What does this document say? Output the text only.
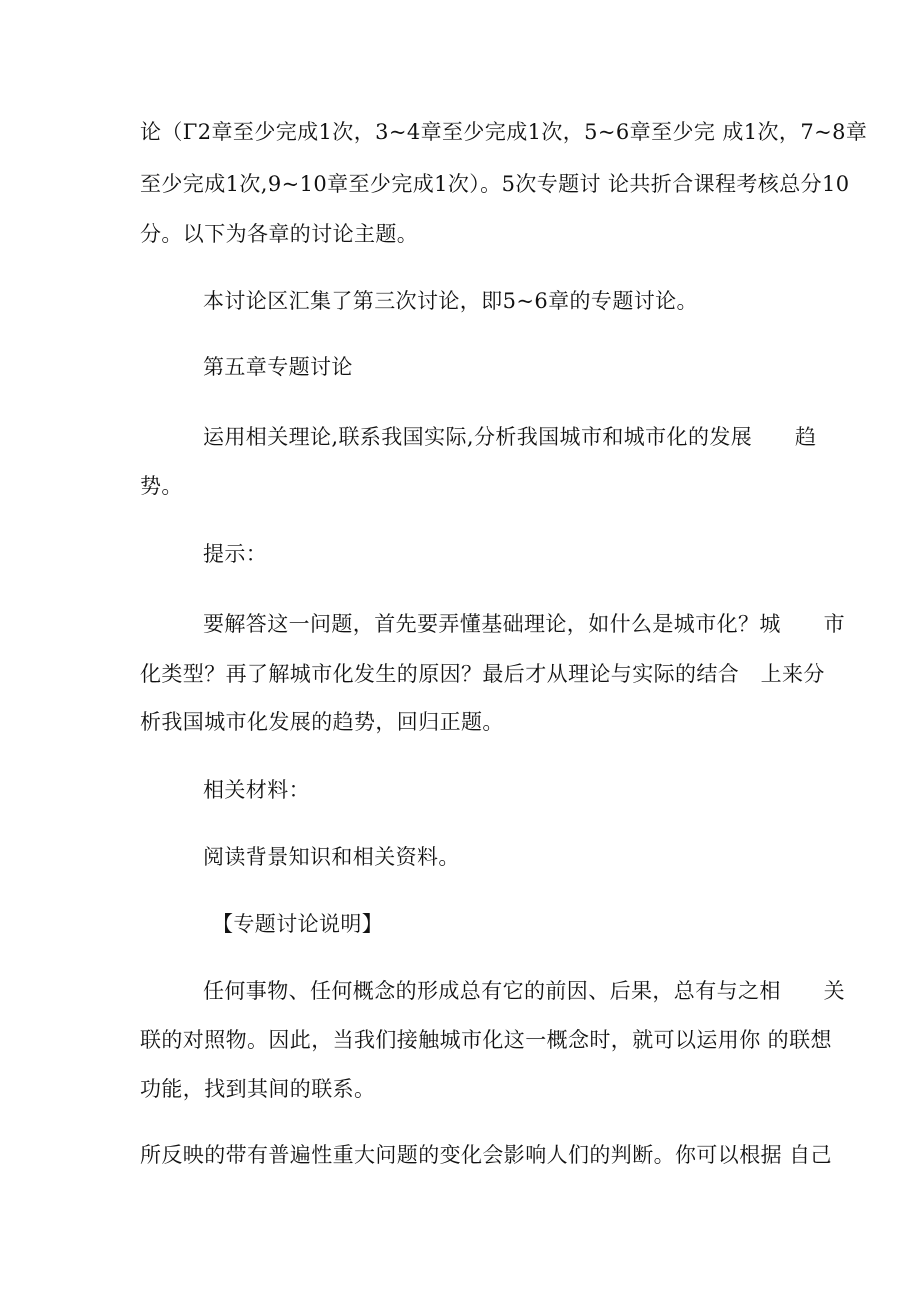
论（Γ2章至少完成1次，3~4章至少完成1次，5~6章至少完 成1次，7~8章
至少完成1次,9~10章至少完成1次）。5次专题讨 论共折合课程考核总分10
分。以下为各章的讨论主题。
本讨论区汇集了第三次讨论，即5~6章的专题讨论。
第五章专题讨论
运用相关理论,联系我国实际,分析我国城市和城市化的发展　　趋
势。
提示：
要解答这一问题，首先要弄懂基础理论，如什么是城市化？城　　市
化类型？再了解城市化发生的原因？最后才从理论与实际的结合　上来分
析我国城市化发展的趋势，回归正题。
相关材料：
阅读背景知识和相关资料。
【专题讨论说明】
任何事物、任何概念的形成总有它的前因、后果，总有与之相　　关
联的对照物。因此，当我们接触城市化这一概念时，就可以运用你 的联想
功能，找到其间的联系。
所反映的带有普遍性重大问题的变化会影响人们的判断。你可以根据 自己
